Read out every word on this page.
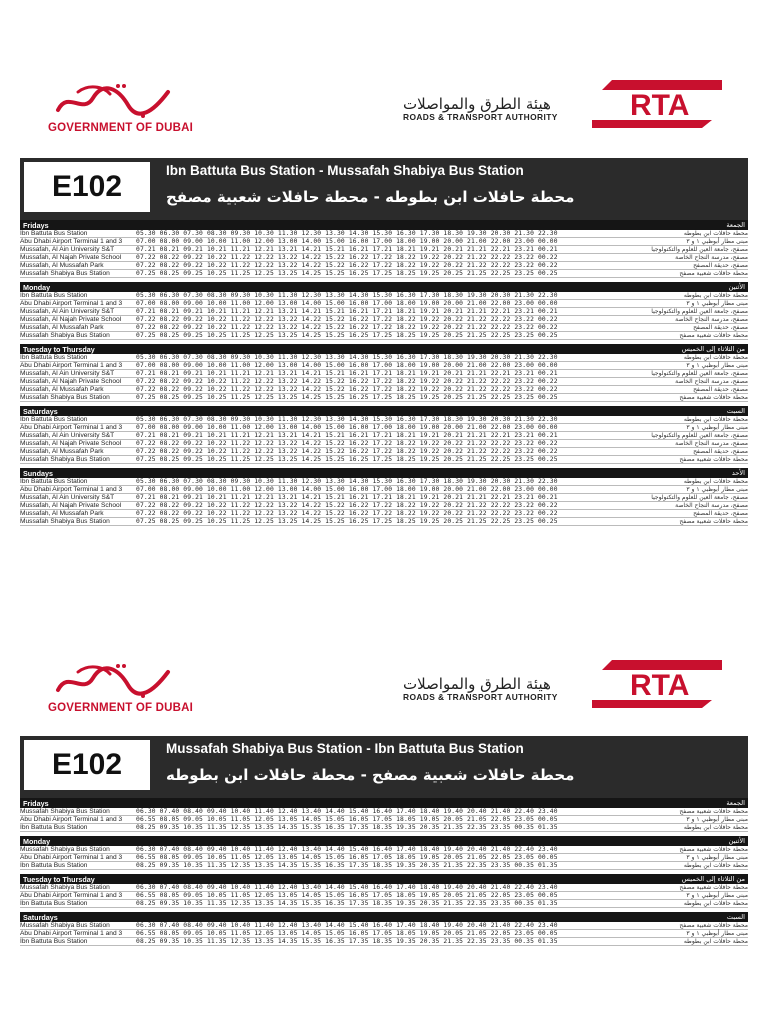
GOVERNMENT OF DUBAI
هيئة الطرق والمواصلات
ROADS & TRANSPORT AUTHORITY RTA
E102	Ibn Battuta Bus Station - Mussafah Shabiya Bus Station
محطة حافلات ابن بطوطه - محطة حافلات شعبية مصفح
Fridays	الجمعة
Ibn Battuta Bus Station	05.30 06.30 07.30 08.30 09.30 10.30 11.30 12.30 13.30 14.30 15.30 16.30 17.30 18.30 19.30 20.30 21.30 22.30	محطة حافلات ابن بطوطه
Abu Dhabi Airport Terminal 1 and 3	07.00 08.00 09.00 10.00 11.00 12.00 13.00 14.00 15.00 16.00 17.00 18.00 19.00 20.00 21.00 22.00 23.00 00.00	مبنى مطار أبوظبي ١ و ٣
Mussafah, Al Ain University S&T	07.21 08.21 09.21 10.21 11.21 12.21 13.21 14.21 15.21 16.21 17.21 18.21 19.21 20.21 21.21 22.21 23.21 00.21	مصفح، جامعة العين للعلوم والتكنولوجيا
Mussafah, Al Najah Private School	07.22 08.22 09.22 10.22 11.22 12.22 13.22 14.22 15.22 16.22 17.22 18.22 19.22 20.22 21.22 22.22 23.22 00.22	مصفح، مدرسة النجاح الخاصة
Mussafah, Al Mussafah Park	07.22 08.22 09.22 10.22 11.22 12.22 13.22 14.22 15.22 16.22 17.22 18.22 19.22 20.22 21.22 22.22 23.22 00.22	مصفح، حديقة المصفح
Mussafah Shabiya Bus Station	07.25 08.25 09.25 10.25 11.25 12.25 13.25 14.25 15.25 16.25 17.25 18.25 19.25 20.25 21.25 22.25 23.25 00.25	محطة حافلات شعبية مصفح
Monday	الأثنين
Ibn Battuta Bus Station	05.30 06.30 07.30 08.30 09.30 10.30 11.30 12.30 13.30 14.30 15.30 16.30 17.30 18.30 19.30 20.30 21.30 22.30	محطة حافلات ابن بطوطه
Abu Dhabi Airport Terminal 1 and 3	07.00 08.00 09.00 10.00 11.00 12.00 13.00 14.00 15.00 16.00 17.00 18.00 19.00 20.00 21.00 22.00 23.00 00.00	مبنى مطار أبوظبي ١ و ٣
Mussafah, Al Ain University S&T	07.21 08.21 09.21 10.21 11.21 12.21 13.21 14.21 15.21 16.21 17.21 18.21 19.21 20.21 21.21 22.21 23.21 00.21	مصفح، جامعة العين للعلوم والتكنولوجيا
Mussafah, Al Najah Private School	07.22 08.22 09.22 10.22 11.22 12.22 13.22 14.22 15.22 16.22 17.22 18.22 19.22 20.22 21.22 22.22 23.22 00.22	مصفح، مدرسة النجاح الخاصة
Mussafah, Al Mussafah Park	07.22 08.22 09.22 10.22 11.22 12.22 13.22 14.22 15.22 16.22 17.22 18.22 19.22 20.22 21.22 22.22 23.22 00.22	مصفح، حديقة المصفح
Mussafah Shabiya Bus Station	07.25 08.25 09.25 10.25 11.25 12.25 13.25 14.25 15.25 16.25 17.25 18.25 19.25 20.25 21.25 22.25 23.25 00.25	محطة حافلات شعبية مصفح
Tuesday to Thursday	من الثلاثاء إلى الخميس
Ibn Battuta Bus Station	05.30 06.30 07.30 08.30 09.30 10.30 11.30 12.30 13.30 14.30 15.30 16.30 17.30 18.30 19.30 20.30 21.30 22.30	محطة حافلات ابن بطوطه
Abu Dhabi Airport Terminal 1 and 3	07.00 08.00 09.00 10.00 11.00 12.00 13.00 14.00 15.00 16.00 17.00 18.00 19.00 20.00 21.00 22.00 23.00 00.00	مبنى مطار أبوظبي ١ و ٣
Mussafah, Al Ain University S&T	07.21 08.21 09.21 10.21 11.21 12.21 13.21 14.21 15.21 16.21 17.21 18.21 19.21 20.21 21.21 22.21 23.21 00.21	مصفح، جامعة العين للعلوم والتكنولوجيا
Mussafah, Al Najah Private School	07.22 08.22 09.22 10.22 11.22 12.22 13.22 14.22 15.22 16.22 17.22 18.22 19.22 20.22 21.22 22.22 23.22 00.22	مصفح، مدرسة النجاح الخاصة
Mussafah, Al Mussafah Park	07.22 08.22 09.22 10.22 11.22 12.22 13.22 14.22 15.22 16.22 17.22 18.22 19.22 20.22 21.22 22.22 23.22 00.22	مصفح، حديقة المصفح
Mussafah Shabiya Bus Station	07.25 08.25 09.25 10.25 11.25 12.25 13.25 14.25 15.25 16.25 17.25 18.25 19.25 20.25 21.25 22.25 23.25 00.25	محطة حافلات شعبية مصفح
Saturdays	السبت
Ibn Battuta Bus Station	05.30 06.30 07.30 08.30 09.30 10.30 11.30 12.30 13.30 14.30 15.30 16.30 17.30 18.30 19.30 20.30 21.30 22.30	محطة حافلات ابن بطوطه
Abu Dhabi Airport Terminal 1 and 3	07.00 08.00 09.00 10.00 11.00 12.00 13.00 14.00 15.00 16.00 17.00 18.00 19.00 20.00 21.00 22.00 23.00 00.00	مبنى مطار أبوظبي ١ و ٣
Mussafah, Al Ain University S&T	07.21 08.21 09.21 10.21 11.21 12.21 13.21 14.21 15.21 16.21 17.21 18.21 19.21 20.21 21.21 22.21 23.21 00.21	مصفح، جامعة العين للعلوم والتكنولوجيا
Mussafah, Al Najah Private School	07.22 08.22 09.22 10.22 11.22 12.22 13.22 14.22 15.22 16.22 17.22 18.22 19.22 20.22 21.22 22.22 23.22 00.22	مصفح، مدرسة النجاح الخاصة
Mussafah, Al Mussafah Park	07.22 08.22 09.22 10.22 11.22 12.22 13.22 14.22 15.22 16.22 17.22 18.22 19.22 20.22 21.22 22.22 23.22 00.22	مصفح، حديقة المصفح
Mussafah Shabiya Bus Station	07.25 08.25 09.25 10.25 11.25 12.25 13.25 14.25 15.25 16.25 17.25 18.25 19.25 20.25 21.25 22.25 23.25 00.25	محطة حافلات شعبية مصفح
Sundays	الأحد
Ibn Battuta Bus Station	05.30 06.30 07.30 08.30 09.30 10.30 11.30 12.30 13.30 14.30 15.30 16.30 17.30 18.30 19.30 20.30 21.30 22.30	محطة حافلات ابن بطوطه
Abu Dhabi Airport Terminal 1 and 3	07.00 08.00 09.00 10.00 11.00 12.00 13.00 14.00 15.00 16.00 17.00 18.00 19.00 20.00 21.00 22.00 23.00 00.00	مبنى مطار أبوظبي ١ و ٣
Mussafah, Al Ain University S&T	07.21 08.21 09.21 10.21 11.21 12.21 13.21 14.21 15.21 16.21 17.21 18.21 19.21 20.21 21.21 22.21 23.21 00.21	مصفح، جامعة العين للعلوم والتكنولوجيا
Mussafah, Al Najah Private School	07.22 08.22 09.22 10.22 11.22 12.22 13.22 14.22 15.22 16.22 17.22 18.22 19.22 20.22 21.22 22.22 23.22 00.22	مصفح، مدرسة النجاح الخاصة
Mussafah, Al Mussafah Park	07.22 08.22 09.22 10.22 11.22 12.22 13.22 14.22 15.22 16.22 17.22 18.22 19.22 20.22 21.22 22.22 23.22 00.22	مصفح، حديقة المصفح
Mussafah Shabiya Bus Station	07.25 08.25 09.25 10.25 11.25 12.25 13.25 14.25 15.25 16.25 17.25 18.25 19.25 20.25 21.25 22.25 23.25 00.25	محطة حافلات شعبية مصفح
GOVERNMENT OF DUBAI
هيئة الطرق والمواصلات
ROADS & TRANSPORT AUTHORITY RTA
E102	Mussafah Shabiya Bus Station - Ibn Battuta Bus Station
محطة حافلات شعبية مصفح - محطة حافلات ابن بطوطه
Fridays	الجمعة
Mussafah Shabiya Bus Station	06.30 07.40 08.40 09.40 10.40 11.40 12.40 13.40 14.40 15.40 16.40 17.40 18.40 19.40 20.40 21.40 22.40 23.40	محطة حافلات شعبية مصفح
Abu Dhabi Airport Terminal 1 and 3	06.55 08.05 09.05 10.05 11.05 12.05 13.05 14.05 15.05 16.05 17.05 18.05 19.05 20.05 21.05 22.05 23.05 00.05	مبنى مطار أبوظبي ١ و ٣
Ibn Battuta Bus Station	08.25 09.35 10.35 11.35 12.35 13.35 14.35 15.35 16.35 17.35 18.35 19.35 20.35 21.35 22.35 23.35 00.35 01.35	محطة حافلات ابن بطوطه
Monday	الأثنين
Mussafah Shabiya Bus Station	06.30 07.40 08.40 09.40 10.40 11.40 12.40 13.40 14.40 15.40 16.40 17.40 18.40 19.40 20.40 21.40 22.40 23.40	محطة حافلات شعبية مصفح
Abu Dhabi Airport Terminal 1 and 3	06.55 08.05 09.05 10.05 11.05 12.05 13.05 14.05 15.05 16.05 17.05 18.05 19.05 20.05 21.05 22.05 23.05 00.05	مبنى مطار أبوظبي ١ و ٣
Ibn Battuta Bus Station	08.25 09.35 10.35 11.35 12.35 13.35 14.35 15.35 16.35 17.35 18.35 19.35 20.35 21.35 22.35 23.35 00.35 01.35	محطة حافلات ابن بطوطه
Tuesday to Thursday	من الثلاثاء إلى الخميس
Mussafah Shabiya Bus Station	06.30 07.40 08.40 09.40 10.40 11.40 12.40 13.40 14.40 15.40 16.40 17.40 18.40 19.40 20.40 21.40 22.40 23.40	محطة حافلات شعبية مصفح
Abu Dhabi Airport Terminal 1 and 3	06.55 08.05 09.05 10.05 11.05 12.05 13.05 14.05 15.05 16.05 17.05 18.05 19.05 20.05 21.05 22.05 23.05 00.05	مبنى مطار أبوظبي ١ و ٣
Ibn Battuta Bus Station	08.25 09.35 10.35 11.35 12.35 13.35 14.35 15.35 16.35 17.35 18.35 19.35 20.35 21.35 22.35 23.35 00.35 01.35	محطة حافلات ابن بطوطه
Saturdays	السبت
Mussafah Shabiya Bus Station	06.30 07.40 08.40 09.40 10.40 11.40 12.40 13.40 14.40 15.40 16.40 17.40 18.40 19.40 20.40 21.40 22.40 23.40	محطة حافلات شعبية مصفح
Abu Dhabi Airport Terminal 1 and 3	06.55 08.05 09.05 10.05 11.05 12.05 13.05 14.05 15.05 16.05 17.05 18.05 19.05 20.05 21.05 22.05 23.05 00.05	مبنى مطار أبوظبي ١ و ٣
Ibn Battuta Bus Station	08.25 09.35 10.35 11.35 12.35 13.35 14.35 15.35 16.35 17.35 18.35 19.35 20.35 21.35 22.35 23.35 00.35 01.35	محطة حافلات ابن بطوطه
